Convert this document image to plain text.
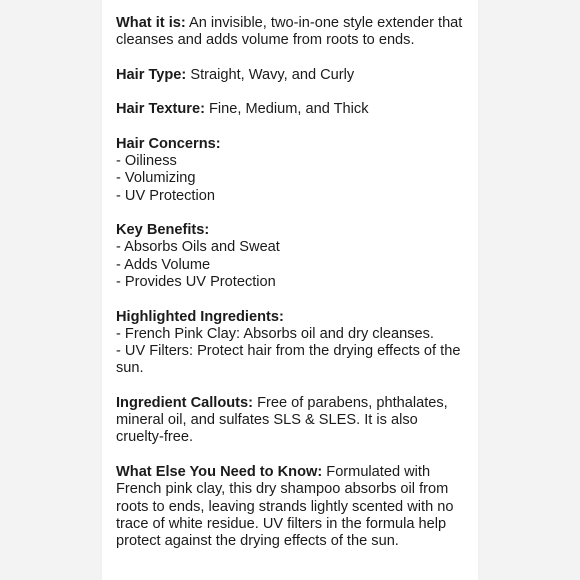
What it is: An invisible, two-in-one style extender that cleanses and adds volume from roots to ends.
Hair Type: Straight, Wavy, and Curly
Hair Texture: Fine, Medium, and Thick
Hair Concerns:
- Oiliness
- Volumizing
- UV Protection
Key Benefits:
- Absorbs Oils and Sweat
- Adds Volume
- Provides UV Protection
Highlighted Ingredients:
- French Pink Clay: Absorbs oil and dry cleanses.
- UV Filters: Protect hair from the drying effects of the sun.
Ingredient Callouts: Free of parabens, phthalates, mineral oil, and sulfates SLS & SLES. It is also cruelty-free.
What Else You Need to Know: Formulated with French pink clay, this dry shampoo absorbs oil from roots to ends, leaving strands lightly scented with no trace of white residue. UV filters in the formula help protect against the drying effects of the sun.
